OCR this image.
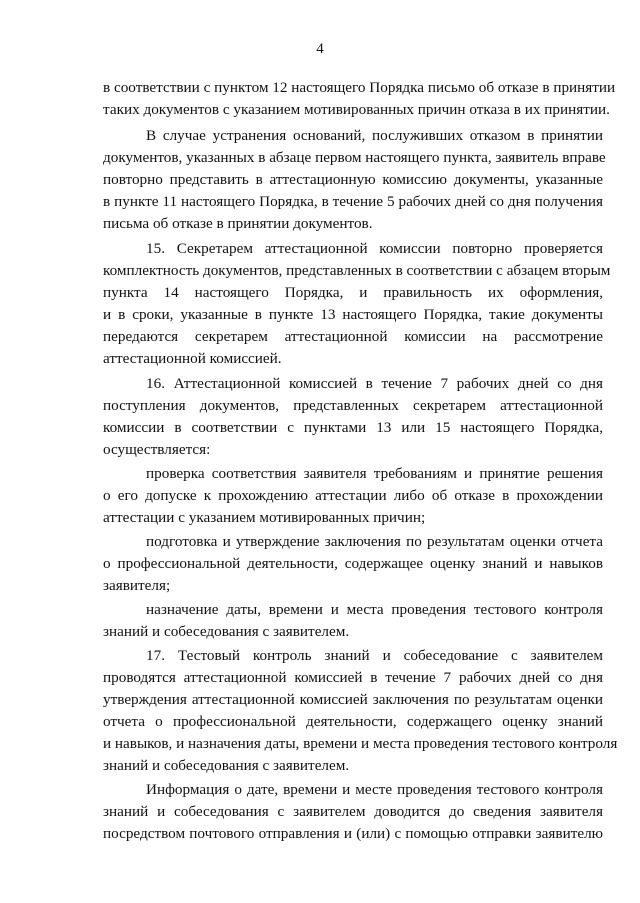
4
в соответствии с пунктом 12 настоящего Порядка письмо об отказе в принятии
таких документов с указанием мотивированных причин отказа в их принятии.
В случае устранения оснований, послуживших отказом в принятии
документов, указанных в абзаце первом настоящего пункта, заявитель вправе
повторно представить в аттестационную комиссию документы, указанные
в пункте 11 настоящего Порядка, в течение 5 рабочих дней со дня получения
письма об отказе в принятии документов.
15. Секретарем аттестационной комиссии повторно проверяется
комплектность документов, представленных в соответствии с абзацем вторым
пункта 14 настоящего Порядка, и правильность их оформления,
и в сроки, указанные в пункте 13 настоящего Порядка, такие документы
передаются секретарем аттестационной комиссии на рассмотрение
аттестационной комиссией.
16. Аттестационной комиссией в течение 7 рабочих дней со дня
поступления документов, представленных секретарем аттестационной
комиссии в соответствии с пунктами 13 или 15 настоящего Порядка,
осуществляется:
проверка соответствия заявителя требованиям и принятие решения
о его допуске к прохождению аттестации либо об отказе в прохождении
аттестации с указанием мотивированных причин;
подготовка и утверждение заключения по результатам оценки отчета
о профессиональной деятельности, содержащее оценку знаний и навыков
заявителя;
назначение даты, времени и места проведения тестового контроля
знаний и собеседования с заявителем.
17. Тестовый контроль знаний и собеседование с заявителем
проводятся аттестационной комиссией в течение 7 рабочих дней со дня
утверждения аттестационной комиссией заключения по результатам оценки
отчета о профессиональной деятельности, содержащего оценку знаний
и навыков, и назначения даты, времени и места проведения тестового контроля
знаний и собеседования с заявителем.
Информация о дате, времени и месте проведения тестового контроля
знаний и собеседования с заявителем доводится до сведения заявителя
посредством почтового отправления и (или) с помощью отправки заявителю
